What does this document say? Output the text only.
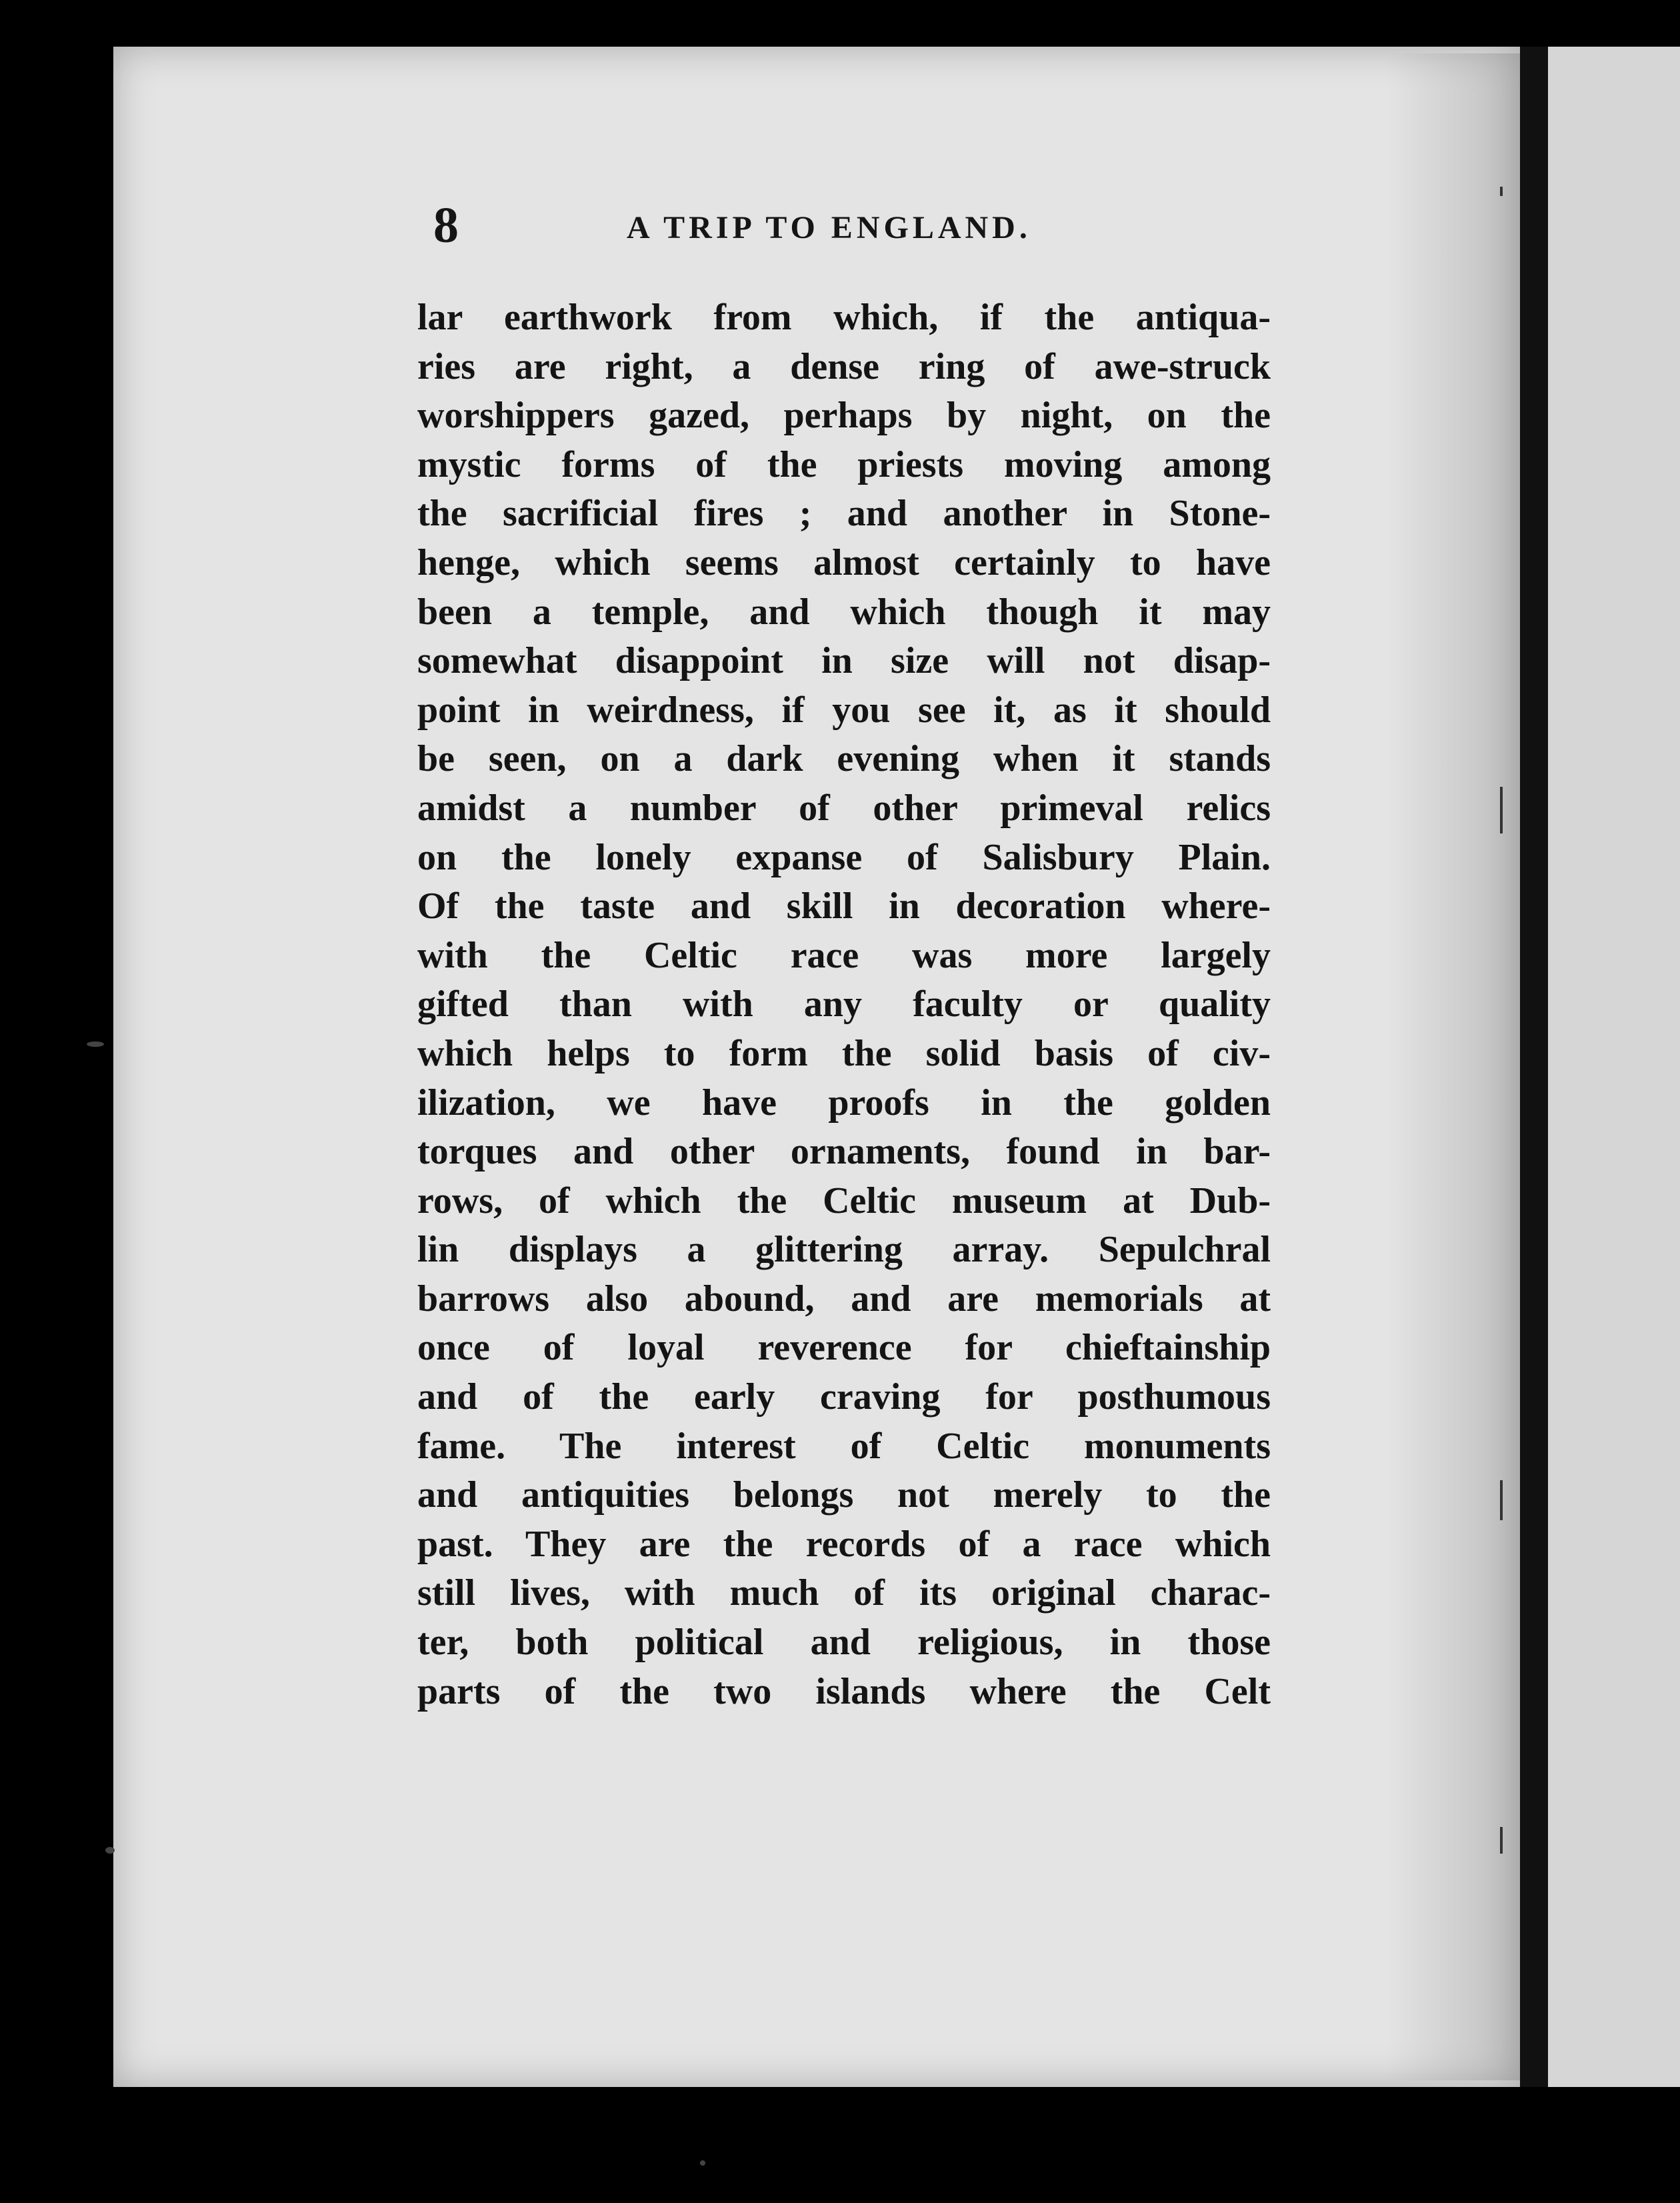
8	A TRIP TO ENGLAND.
lar earthwork from which, if the antiqua-
ries are right, a dense ring of awe-struck
worshippers gazed, perhaps by night, on the
mystic forms of the priests moving among
the sacrificial fires ; and another in Stone-
henge, which seems almost certainly to have
been a temple, and which though it may
somewhat disappoint in size will not disap-
point in weirdness, if you see it, as it should
be seen, on a dark evening when it stands
amidst a number of other primeval relics
on the lonely expanse of Salisbury Plain.
Of the taste and skill in decoration where-
with the Celtic race was more largely
gifted than with any faculty or quality
which helps to form the solid basis of civ-
ilization, we have proofs in the golden
torques and other ornaments, found in bar-
rows, of which the Celtic museum at Dub-
lin displays a glittering array. Sepulchral
barrows also abound, and are memorials at
once of loyal reverence for chieftainship
and of the early craving for posthumous
fame. The interest of Celtic monuments
and antiquities belongs not merely to the
past. They are the records of a race which
still lives, with much of its original charac-
ter, both political and religious, in those
parts of the two islands where the Celt
